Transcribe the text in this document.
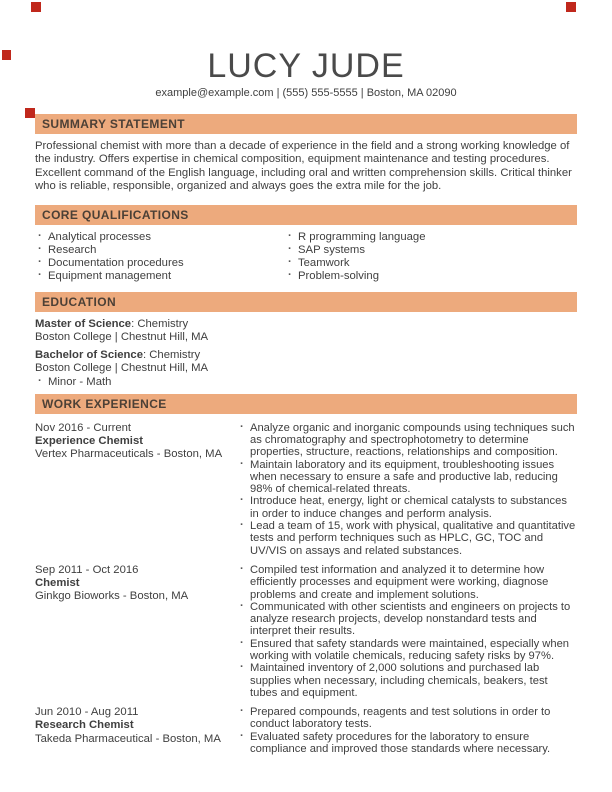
LUCY JUDE
example@example.com | (555) 555-5555 | Boston, MA 02090
SUMMARY STATEMENT

Professional chemist with more than a decade of experience in the field and a strong working knowledge of the industry. Offers expertise in chemical composition, equipment maintenance and testing procedures. Excellent command of the English language, including oral and written comprehension skills. Critical thinker who is reliable, responsible, organized and always goes the extra mile for the job.

CORE QUALIFICATIONS
· Analytical processes
· Research
· Documentation procedures
· Equipment management
· R programming language
· SAP systems
· Teamwork
· Problem-solving
EDUCATION
Master of Science: Chemistry
Boston College | Chestnut Hill, MA
Bachelor of Science: Chemistry
Boston College | Chestnut Hill, MA
· Minor - Math
WORK EXPERIENCE
Nov 2016 - Current
Experience Chemist
Vertex Pharmaceuticals - Boston, MA
· Analyze organic and inorganic compounds using techniques such as chromatography and spectrophotometry to determine properties, structure, reactions, relationships and composition.
· Maintain laboratory and its equipment, troubleshooting issues when necessary to ensure a safe and productive lab, reducing 98% of chemical-related threats.
· Introduce heat, energy, light or chemical catalysts to substances in order to induce changes and perform analysis.
· Lead a team of 15, work with physical, qualitative and quantitative tests and perform techniques such as HPLC, GC, TOC and UV/VIS on assays and related substances.
Sep 2011 - Oct 2016
Chemist
Ginkgo Bioworks - Boston, MA
· Compiled test information and analyzed it to determine how efficiently processes and equipment were working, diagnose problems and create and implement solutions.
· Communicated with other scientists and engineers on projects to analyze research projects, develop nonstandard tests and interpret their results.
· Ensured that safety standards were maintained, especially when working with volatile chemicals, reducing safety risks by 97%.
· Maintained inventory of 2,000 solutions and purchased lab supplies when necessary, including chemicals, beakers, test tubes and equipment.
Jun 2010 - Aug 2011
Research Chemist
Takeda Pharmaceutical - Boston, MA
· Prepared compounds, reagents and test solutions in order to conduct laboratory tests.
· Evaluated safety procedures for the laboratory to ensure compliance and improved those standards where necessary.
